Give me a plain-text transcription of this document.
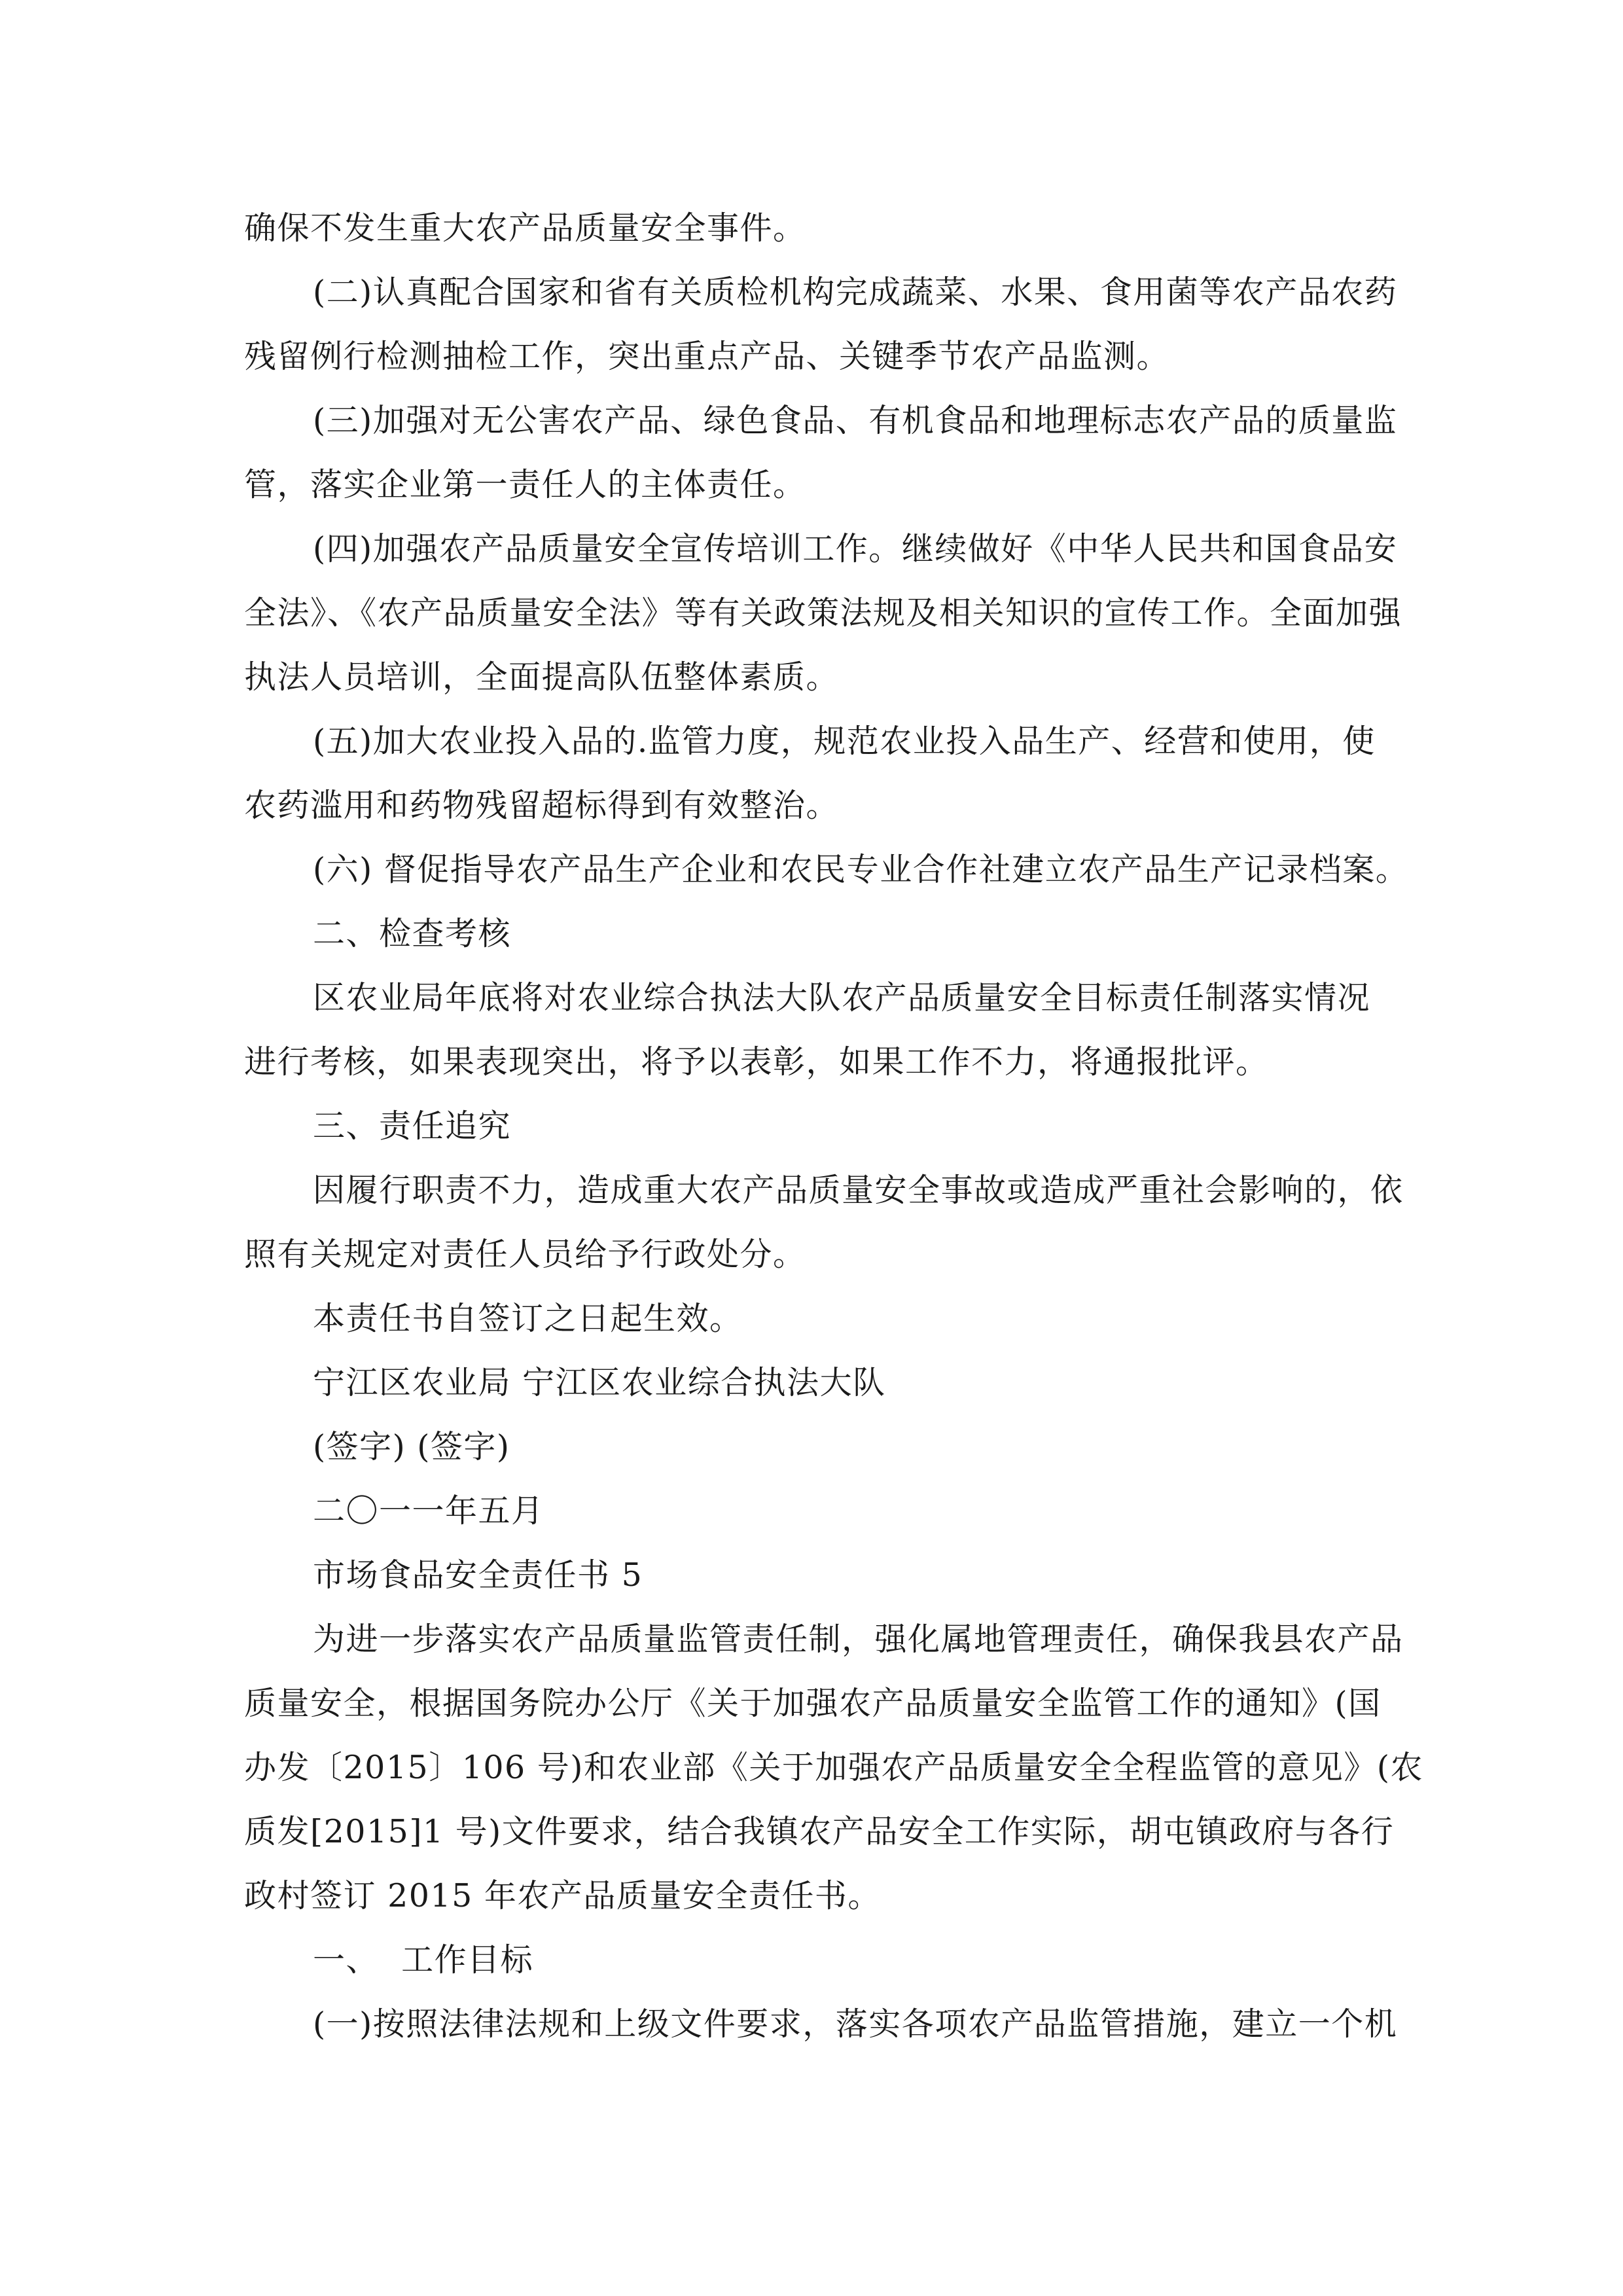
确保不发生重大农产品质量安全事件。
(二)认真配合国家和省有关质检机构完成蔬菜、水果、食用菌等农产品农药
残留例行检测抽检工作，突出重点产品、关键季节农产品监测。
(三)加强对无公害农产品、绿色食品、有机食品和地理标志农产品的质量监
管，落实企业第一责任人的主体责任。
(四)加强农产品质量安全宣传培训工作。继续做好《中华人民共和国食品安
全法》、《农产品质量安全法》等有关政策法规及相关知识的宣传工作。全面加强
执法人员培训，全面提高队伍整体素质。
(五)加大农业投入品的.监管力度，规范农业投入品生产、经营和使用，使
农药滥用和药物残留超标得到有效整治。
(六) 督促指导农产品生产企业和农民专业合作社建立农产品生产记录档案。
二、检查考核
区农业局年底将对农业综合执法大队农产品质量安全目标责任制落实情况
进行考核，如果表现突出，将予以表彰，如果工作不力，将通报批评。
三、责任追究
因履行职责不力，造成重大农产品质量安全事故或造成严重社会影响的，依
照有关规定对责任人员给予行政处分。
本责任书自签订之日起生效。
宁江区农业局 宁江区农业综合执法大队
(签字) (签字)
二〇一一年五月
市场食品安全责任书 5
为进一步落实农产品质量监管责任制，强化属地管理责任，确保我县农产品
质量安全，根据国务院办公厅《关于加强农产品质量安全监管工作的通知》(国
办发〔2015〕106 号)和农业部《关于加强农产品质量安全全程监管的意见》(农
质发[2015]1 号)文件要求，结合我镇农产品安全工作实际，胡屯镇政府与各行
政村签订 2015 年农产品质量安全责任书。
一、  工作目标
(一)按照法律法规和上级文件要求，落实各项农产品监管措施，建立一个机
